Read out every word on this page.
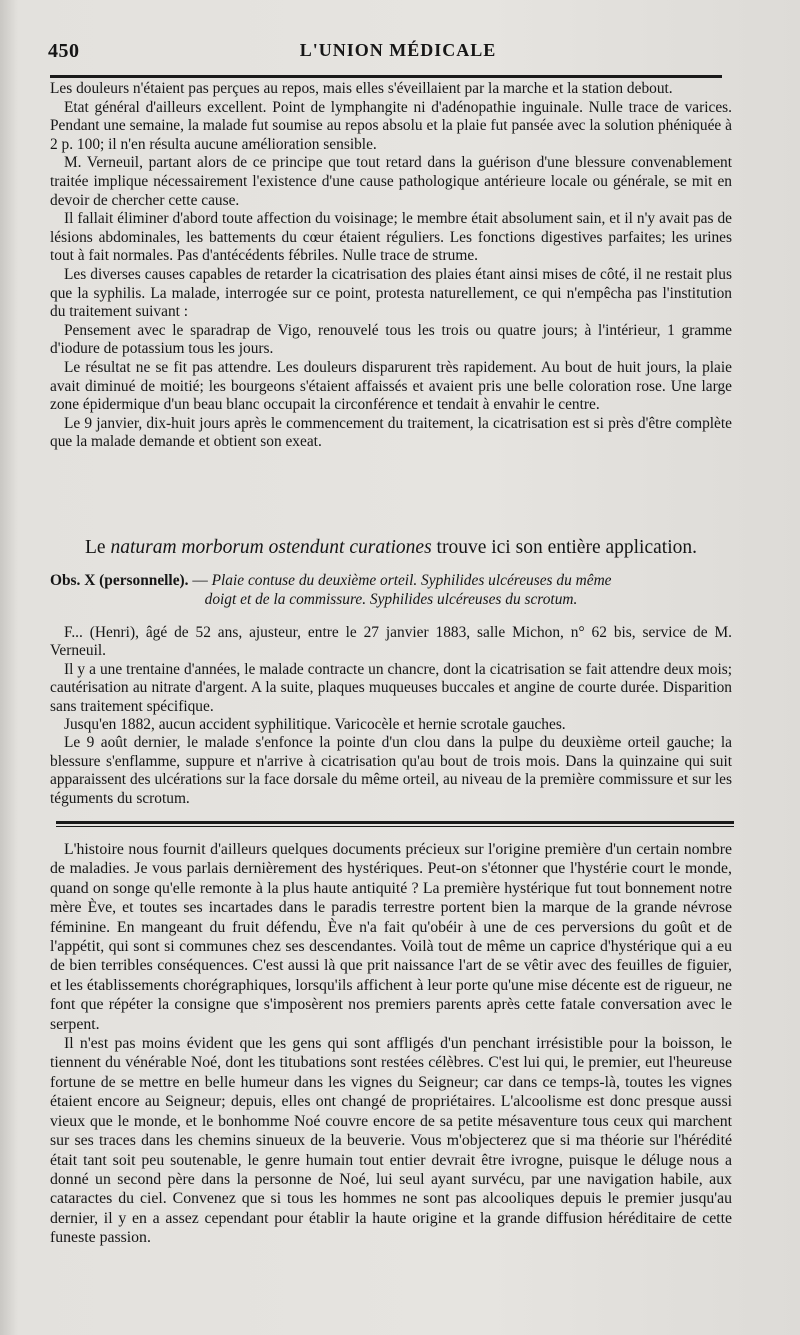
450	L'UNION MÉDICALE

Les douleurs n'étaient pas perçues au repos, mais elles s'éveillaient par la marche et la station debout.

Etat général d'ailleurs excellent. Point de lymphangite ni d'adénopathie inguinale. Nulle trace de varices. Pendant une semaine, la malade fut soumise au repos absolu et la plaie fut pansée avec la solution phéniquée à 2 p. 100; il n'en résulta aucune amélioration sensible.

M. Verneuil, partant alors de ce principe que tout retard dans la guérison d'une blessure convenablement traitée implique nécessairement l'existence d'une cause pathologique antérieure locale ou générale, se mit en devoir de chercher cette cause.

Il fallait éliminer d'abord toute affection du voisinage; le membre était absolument sain, et il n'y avait pas de lésions abdominales, les battements du cœur étaient réguliers. Les fonctions digestives parfaites; les urines tout à fait normales. Pas d'antécédents fébriles. Nulle trace de strume.

Les diverses causes capables de retarder la cicatrisation des plaies étant ainsi mises de côté, il ne restait plus que la syphilis. La malade, interrogée sur ce point, protesta naturellement, ce qui n'empêcha pas l'institution du traitement suivant :

Pensement avec le sparadrap de Vigo, renouvelé tous les trois ou quatre jours; à l'intérieur, 1 gramme d'iodure de potassium tous les jours.

Le résultat ne se fit pas attendre. Les douleurs disparurent très rapidement. Au bout de huit jours, la plaie avait diminué de moitié; les bourgeons s'étaient affaissés et avaient pris une belle coloration rose. Une large zone épidermique d'un beau blanc occupait la circonférence et tendait à envahir le centre.

Le 9 janvier, dix-huit jours après le commencement du traitement, la cicatrisation est si près d'être complète que la malade demande et obtient son exeat.

Le naturam morborum ostendunt curationes trouve ici son entière application.
Obs. X (personnelle). — Plaie contuse du deuxième orteil. Syphilides ulcéreuses du même
doigt et de la commissure. Syphilides ulcéreuses du scrotum.

F... (Henri), âgé de 52 ans, ajusteur, entre le 27 janvier 1883, salle Michon, n° 62 bis, service de M. Verneuil.

Il y a une trentaine d'années, le malade contracte un chancre, dont la cicatrisation se fait attendre deux mois; cautérisation au nitrate d'argent. A la suite, plaques muqueuses buccales et angine de courte durée. Disparition sans traitement spécifique.

Jusqu'en 1882, aucun accident syphilitique. Varicocèle et hernie scrotale gauches.

Le 9 août dernier, le malade s'enfonce la pointe d'un clou dans la pulpe du deuxième orteil gauche; la blessure s'enflamme, suppure et n'arrive à cicatrisation qu'au bout de trois mois. Dans la quinzaine qui suit apparaissent des ulcérations sur la face dorsale du même orteil, au niveau de la première commissure et sur les téguments du scrotum.

L'histoire nous fournit d'ailleurs quelques documents précieux sur l'origine première d'un certain nombre de maladies. Je vous parlais dernièrement des hystériques. Peut-on s'étonner que l'hystérie court le monde, quand on songe qu'elle remonte à la plus haute antiquité ? La première hystérique fut tout bonnement notre mère Ève, et toutes ses incartades dans le paradis terrestre portent bien la marque de la grande névrose féminine. En mangeant du fruit défendu, Ève n'a fait qu'obéir à une de ces perversions du goût et de l'appétit, qui sont si communes chez ses descendantes. Voilà tout de même un caprice d'hystérique qui a eu de bien terribles conséquences. C'est aussi là que prit naissance l'art de se vêtir avec des feuilles de figuier, et les établissements chorégraphiques, lorsqu'ils affichent à leur porte qu'une mise décente est de rigueur, ne font que répéter la consigne que s'imposèrent nos premiers parents après cette fatale conversation avec le serpent.

Il n'est pas moins évident que les gens qui sont affligés d'un penchant irrésistible pour la boisson, le tiennent du vénérable Noé, dont les titubations sont restées célèbres. C'est lui qui, le premier, eut l'heureuse fortune de se mettre en belle humeur dans les vignes du Seigneur; car dans ce temps-là, toutes les vignes étaient encore au Seigneur; depuis, elles ont changé de propriétaires. L'alcoolisme est donc presque aussi vieux que le monde, et le bonhomme Noé couvre encore de sa petite mésaventure tous ceux qui marchent sur ses traces dans les chemins sinueux de la beuverie. Vous m'objecterez que si ma théorie sur l'hérédité était tant soit peu soutenable, le genre humain tout entier devrait être ivrogne, puisque le déluge nous a donné un second père dans la personne de Noé, lui seul ayant survécu, par une navigation habile, aux cataractes du ciel. Convenez que si tous les hommes ne sont pas alcooliques depuis le premier jusqu'au dernier, il y en a assez cependant pour établir la haute origine et la grande diffusion héréditaire de cette funeste passion.
